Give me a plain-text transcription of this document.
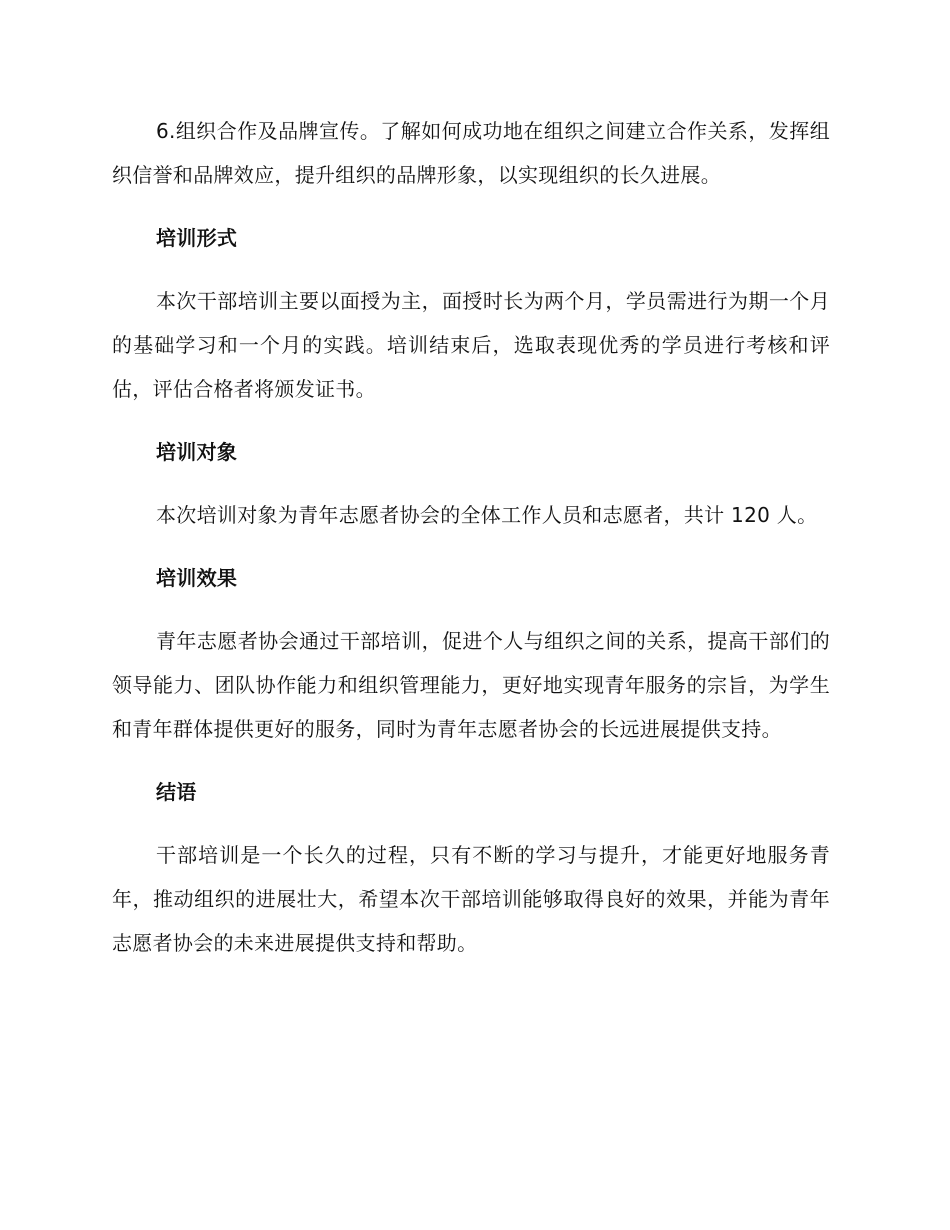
6.组织合作及品牌宣传。了解如何成功地在组织之间建立合作关系，发挥组织信誉和品牌效应，提升组织的品牌形象，以实现组织的长久进展。

培训形式

本次干部培训主要以面授为主，面授时长为两个月，学员需进行为期一个月的基础学习和一个月的实践。培训结束后，选取表现优秀的学员进行考核和评估，评估合格者将颁发证书。

培训对象

本次培训对象为青年志愿者协会的全体工作人员和志愿者，共计 120 人。

培训效果

青年志愿者协会通过干部培训，促进个人与组织之间的关系，提高干部们的领导能力、团队协作能力和组织管理能力，更好地实现青年服务的宗旨，为学生和青年群体提供更好的服务，同时为青年志愿者协会的长远进展提供支持。

结语

干部培训是一个长久的过程，只有不断的学习与提升，才能更好地服务青年，推动组织的进展壮大，希望本次干部培训能够取得良好的效果，并能为青年志愿者协会的未来进展提供支持和帮助。
